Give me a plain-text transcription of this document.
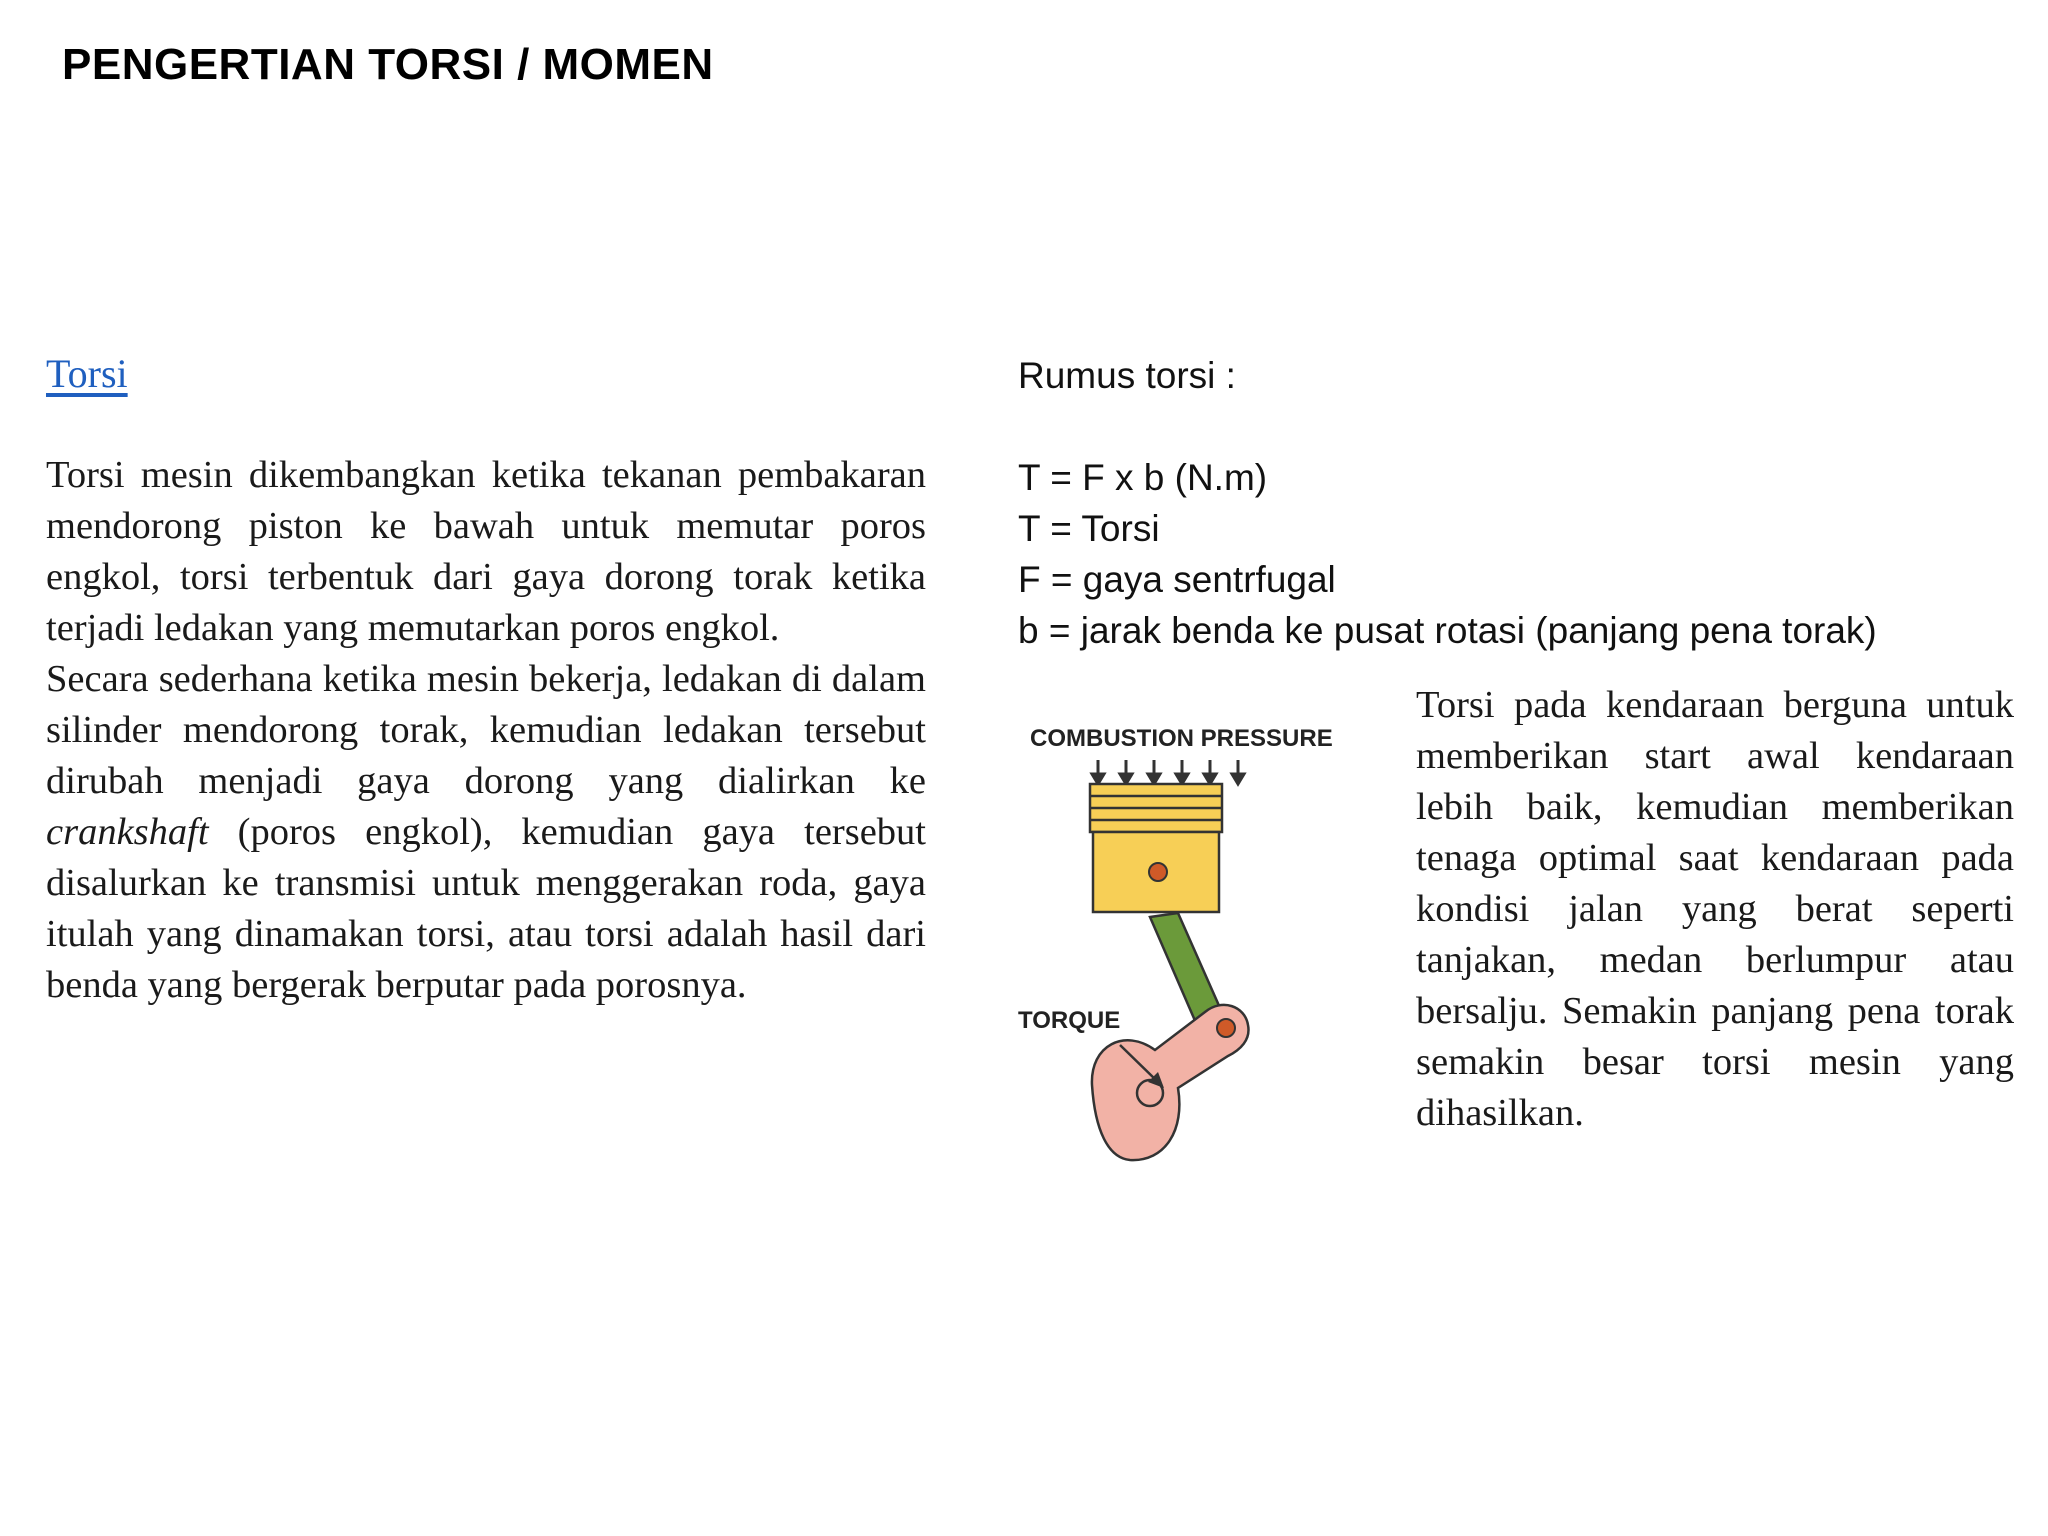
PENGERTIAN TORSI / MOMEN
Torsi

Torsi mesin dikembangkan ketika tekanan pembakaran mendorong piston ke bawah untuk memutar poros engkol, torsi terbentuk dari gaya dorong torak ketika terjadi ledakan yang memutarkan poros engkol.

Secara sederhana ketika mesin bekerja, ledakan di dalam silinder mendorong torak, kemudian ledakan tersebut dirubah menjadi gaya dorong yang dialirkan ke crankshaft (poros engkol), kemudian gaya tersebut disalurkan ke transmisi untuk menggerakan roda, gaya itulah yang dinamakan torsi, atau torsi adalah hasil dari benda yang bergerak berputar pada porosnya.

Rumus torsi :
T = F x b (N.m)
T = Torsi
F = gaya sentrfugal
b = jarak benda ke pusat rotasi (panjang pena torak)
COMBUSTION PRESSURE
TORQUE

Torsi pada kendaraan berguna untuk memberikan start awal kendaraan lebih baik, kemudian memberikan tenaga optimal saat kendaraan pada kondisi jalan yang berat seperti tanjakan, medan berlumpur atau bersalju. Semakin panjang pena torak semakin besar torsi mesin yang dihasilkan.
